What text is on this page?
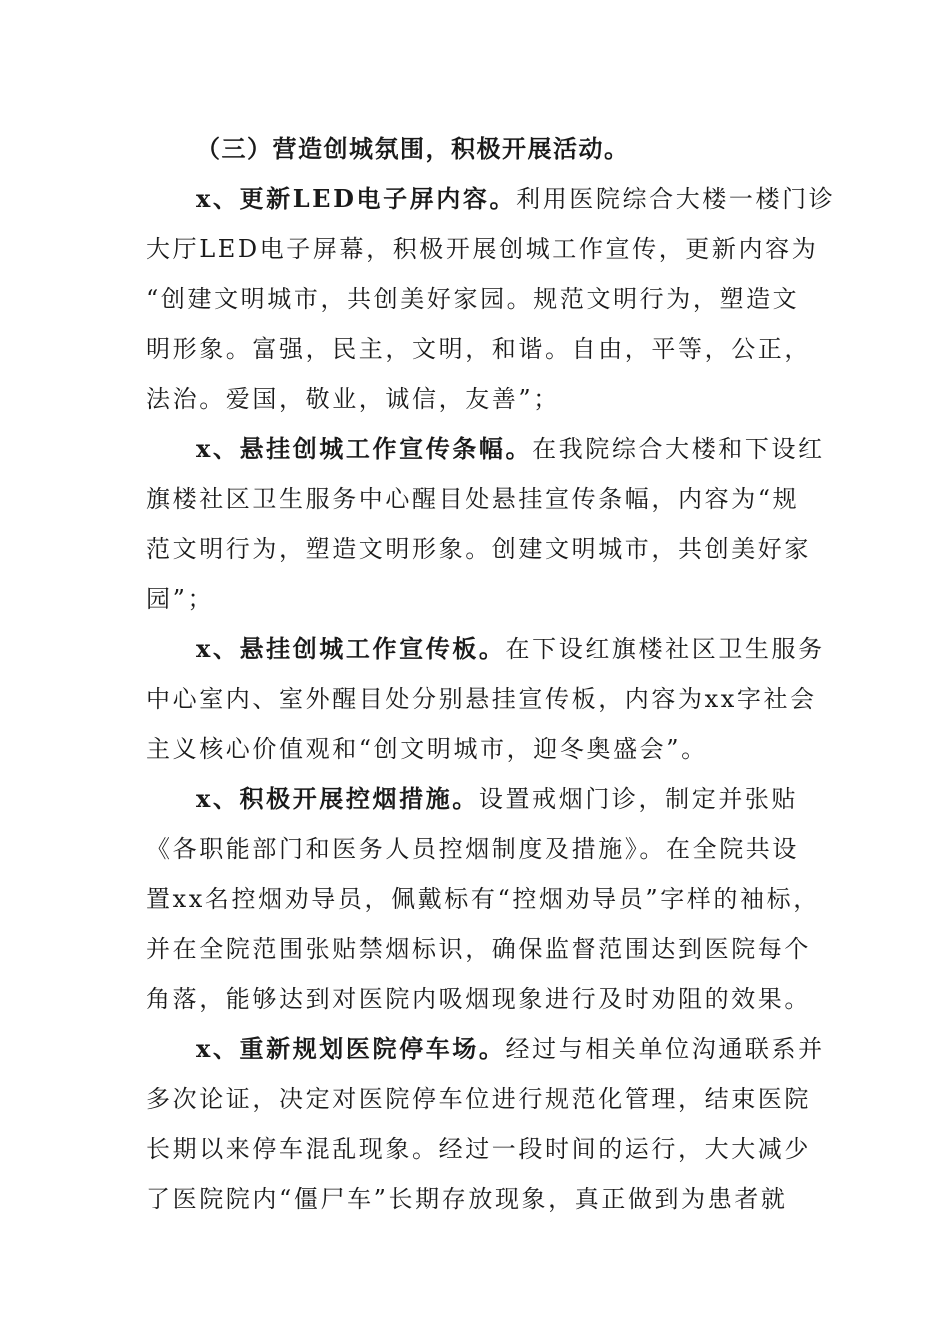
（三）营造创城氛围，积极开展活动。
x、更新LED电子屏内容。利用医院综合大楼一楼门诊
大厅LED电子屏幕，积极开展创城工作宣传，更新内容为
“创建文明城市，共创美好家园。规范文明行为，塑造文
明形象。富强，民主，文明，和谐。自由，平等，公正，
法治。爱国，敬业，诚信，友善”；
x、悬挂创城工作宣传条幅。在我院综合大楼和下设红
旗楼社区卫生服务中心醒目处悬挂宣传条幅，内容为“规
范文明行为，塑造文明形象。创建文明城市，共创美好家
园”；
x、悬挂创城工作宣传板。在下设红旗楼社区卫生服务
中心室内、室外醒目处分别悬挂宣传板，内容为xx字社会
主义核心价值观和“创文明城市，迎冬奥盛会”。
x、积极开展控烟措施。设置戒烟门诊，制定并张贴
《各职能部门和医务人员控烟制度及措施》。在全院共设
置xx名控烟劝导员，佩戴标有“控烟劝导员”字样的袖标，
并在全院范围张贴禁烟标识，确保监督范围达到医院每个
角落，能够达到对医院内吸烟现象进行及时劝阻的效果。
x、重新规划医院停车场。经过与相关单位沟通联系并
多次论证，决定对医院停车位进行规范化管理，结束医院
长期以来停车混乱现象。经过一段时间的运行，大大减少
了医院院内“僵尸车”长期存放现象，真正做到为患者就
